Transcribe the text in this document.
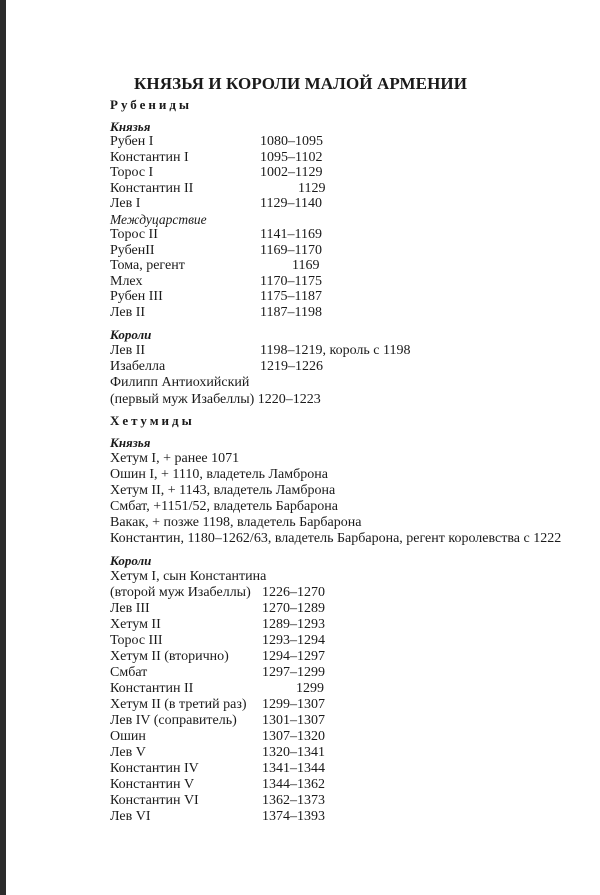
КНЯЗЬЯ И КОРОЛИ МАЛОЙ АРМЕНИИ
Рубениды
Князья
Рубен I	1080–1095
Константин I	1095–1102
Торос I	1002–1129
Константин II	1129
Лев I	1129–1140
Междуцарствие
Торос II	1141–1169
РубенII	1169–1170
Тома, регент	1169
Млех	1170–1175
Рубен III	1175–1187
Лев II	1187–1198
Короли
Лев II	1198–1219, король с 1198
Изабелла	1219–1226
Филипп Антиохийский
(первый муж Изабеллы) 1220–1223
Хетумиды
Князья
Хетум I, + ранее 1071
Ошин I, + 1110, владетель Ламброна
Хетум II, + 1143, владетель Ламброна
Смбат, +1151/52, владетель Барбарона
Вакак, + позже 1198, владетель Барбарона
Константин, 1180–1262/63, владетель Барбарона, регент королевства с 1222
Короли
Хетум I, сын Константина
(второй муж Изабеллы) 1226–1270
Лев III	1270–1289
Хетум II	1289–1293
Торос III	1293–1294
Хетум II (вторично) 1294–1297
Смбат	1297–1299
Константин II	1299
Хетум II (в третий раз) 1299–1307
Лев IV (соправитель) 1301–1307
Ошин	1307–1320
Лев V	1320–1341
Константин IV	1341–1344
Константин V	1344–1362
Константин VI	1362–1373
Лев VI	1374–1393
